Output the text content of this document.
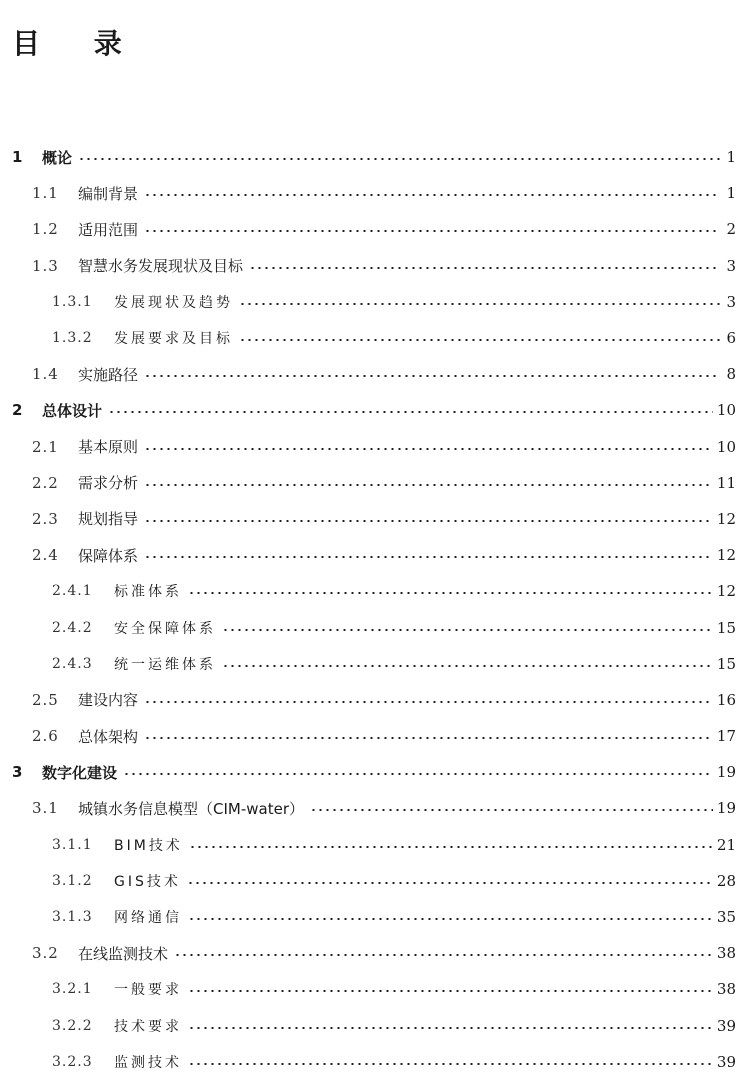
目 录
1	概论	1
1.1	编制背景	1
1.2	适用范围	2
1.3	智慧水务发展现状及目标	3
1.3.1	发展现状及趋势	3
1.3.2	发展要求及目标	6
1.4	实施路径	8
2	总体设计	10
2.1	基本原则	10
2.2	需求分析	11
2.3	规划指导	12
2.4	保障体系	12
2.4.1	标准体系	12
2.4.2	安全保障体系	15
2.4.3	统一运维体系	15
2.5	建设内容	16
2.6	总体架构	17
3	数字化建设	19
3.1	城镇水务信息模型（CIM-water）	19
3.1.1	BIM技术	21
3.1.2	GIS技术	28
3.1.3	网络通信	35
3.2	在线监测技术	38
3.2.1	一般要求	38
3.2.2	技术要求	39
3.2.3	监测技术	39
